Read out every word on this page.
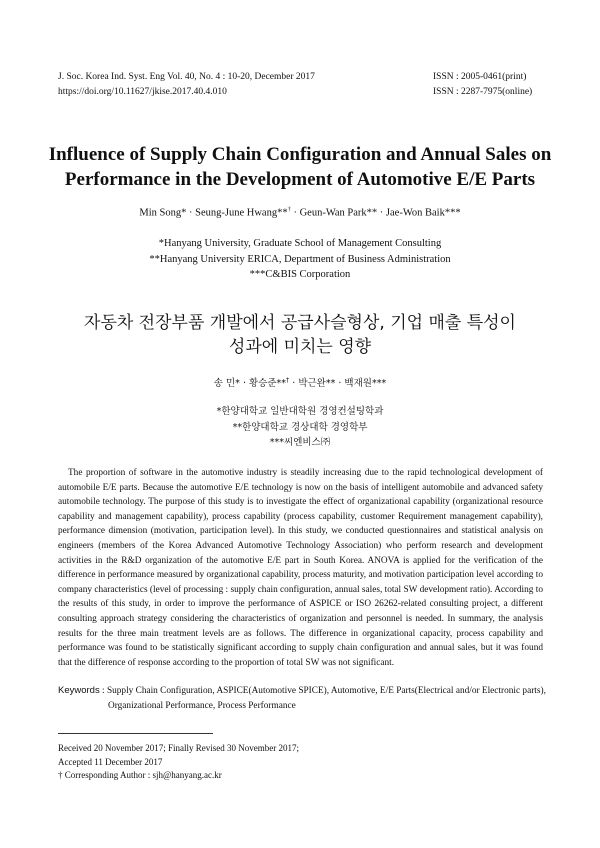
J. Soc. Korea Ind. Syst. Eng Vol. 40, No. 4 : 10-20, December 2017
https://doi.org/10.11627/jkise.2017.40.4.010
ISSN : 2005-0461(print)
ISSN : 2287-7975(online)
Influence of Supply Chain Configuration and Annual Sales on
Performance in the Development of Automotive E/E Parts
Min Song* · Seung-June Hwang**† · Geun-Wan Park** · Jae-Won Baik***
*Hanyang University, Graduate School of Management Consulting
**Hanyang University ERICA, Department of Business Administration
***C&BIS Corporation
자동차 전장부품 개발에서 공급사슬형상, 기업 매출 특성이
성과에 미치는 영향
송 민* · 황승준**† · 박근완** · 백재원***
*한양대학교 일반대학원 경영컨설팅학과
**한양대학교 경상대학 경영학부
***씨엔비스㈜

The proportion of software in the automotive industry is steadily increasing due to the rapid technological development of automobile E/E parts. Because the automotive E/E technology is now on the basis of intelligent automobile and advanced safety automobile technology. The purpose of this study is to investigate the effect of organizational capability (organizational resource capability and management capability), process capability (process capability, customer Requirement management capability), performance dimension (motivation, participation level). In this study, we conducted questionnaires and statistical analysis on engineers (members of the Korea Advanced Automotive Technology Association) who perform research and development activities in the R&D organization of the automotive E/E part in South Korea. ANOVA is applied for the verification of the difference in performance measured by organizational capability, process maturity, and motivation participation level according to company characteristics (level of processing : supply chain configuration, annual sales, total SW development ratio). According to the results of this study, in order to improve the performance of ASPICE or ISO 26262-related consulting project, a different consulting approach strategy considering the characteristics of organization and personnel is needed. In summary, the analysis results for the three main treatment levels are as follows. The difference in organizational capacity, process capability and performance was found to be statistically significant according to supply chain configuration and annual sales, but it was found that the difference of response according to the proportion of total SW was not significant.

Keywords : Supply Chain Configuration, ASPICE(Automotive SPICE), Automotive, E/E Parts(Electrical and/or Electronic parts),
Organizational Performance, Process Performance
Received 20 November 2017; Finally Revised 30 November 2017;
Accepted 11 December 2017
† Corresponding Author : sjh@hanyang.ac.kr
